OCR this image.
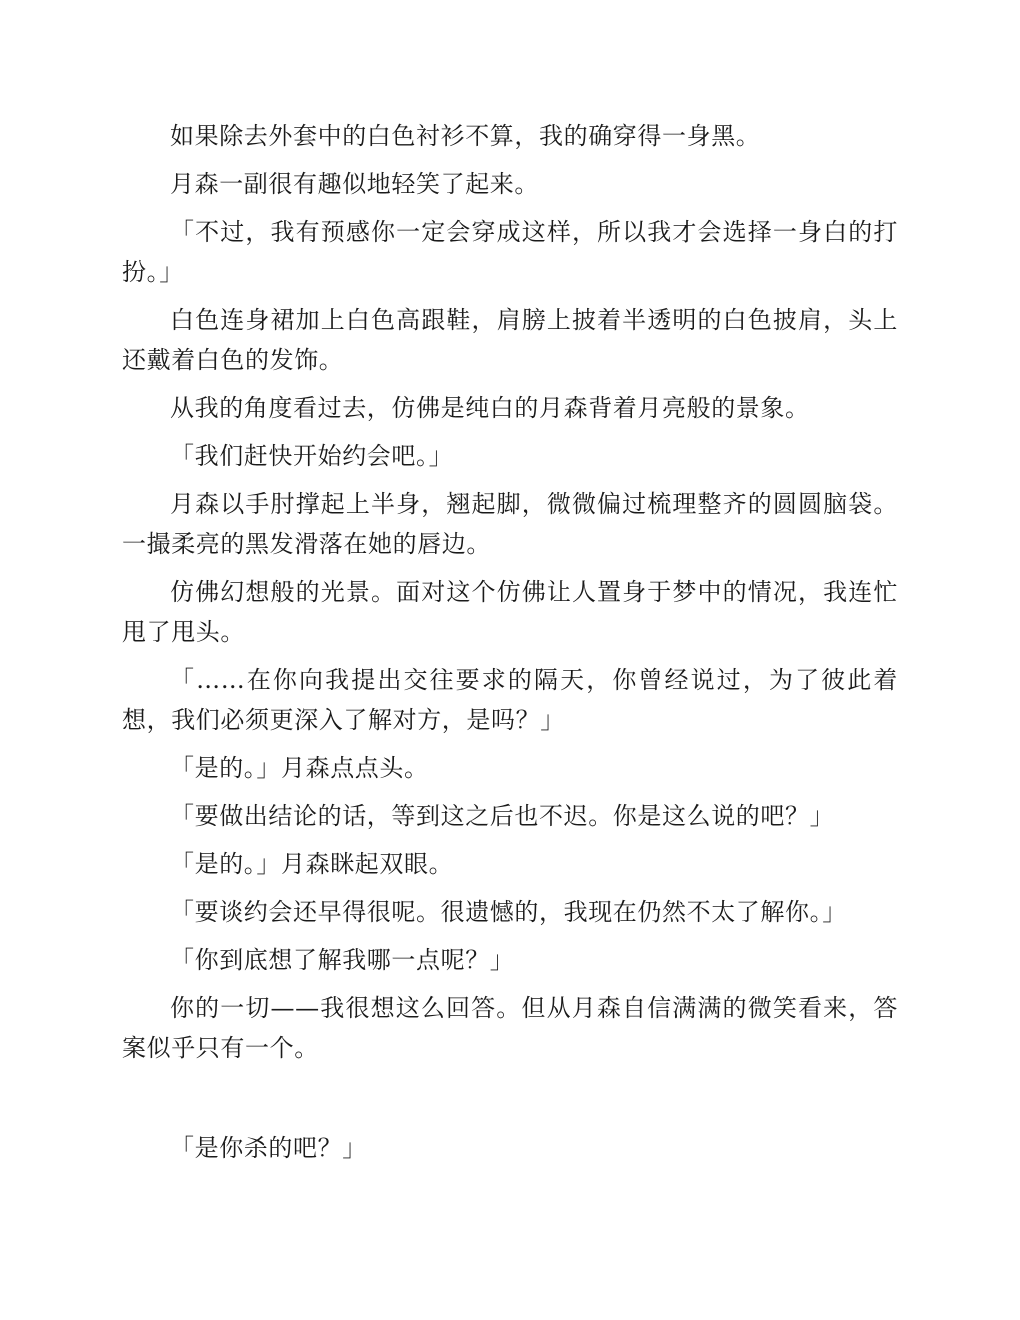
如果除去外套中的白色衬衫不算，我的确穿得一身黑。

月森一副很有趣似地轻笑了起来。

「不过，我有预感你一定会穿成这样，所以我才会选择一身白的打扮。」

白色连身裙加上白色高跟鞋，肩膀上披着半透明的白色披肩，头上还戴着白色的发饰。

从我的角度看过去，仿佛是纯白的月森背着月亮般的景象。

「我们赶快开始约会吧。」

月森以手肘撑起上半身，翘起脚，微微偏过梳理整齐的圆圆脑袋。一撮柔亮的黑发滑落在她的唇边。

仿佛幻想般的光景。面对这个仿佛让人置身于梦中的情况，我连忙甩了甩头。

「……在你向我提出交往要求的隔天，你曾经说过，为了彼此着想，我们必须更深入了解对方，是吗？」

「是的。」月森点点头。

「要做出结论的话，等到这之后也不迟。你是这么说的吧？」

「是的。」月森眯起双眼。

「要谈约会还早得很呢。很遗憾的，我现在仍然不太了解你。」

「你到底想了解我哪一点呢？」

你的一切——我很想这么回答。但从月森自信满满的微笑看来，答案似乎只有一个。

「是你杀的吧？」
